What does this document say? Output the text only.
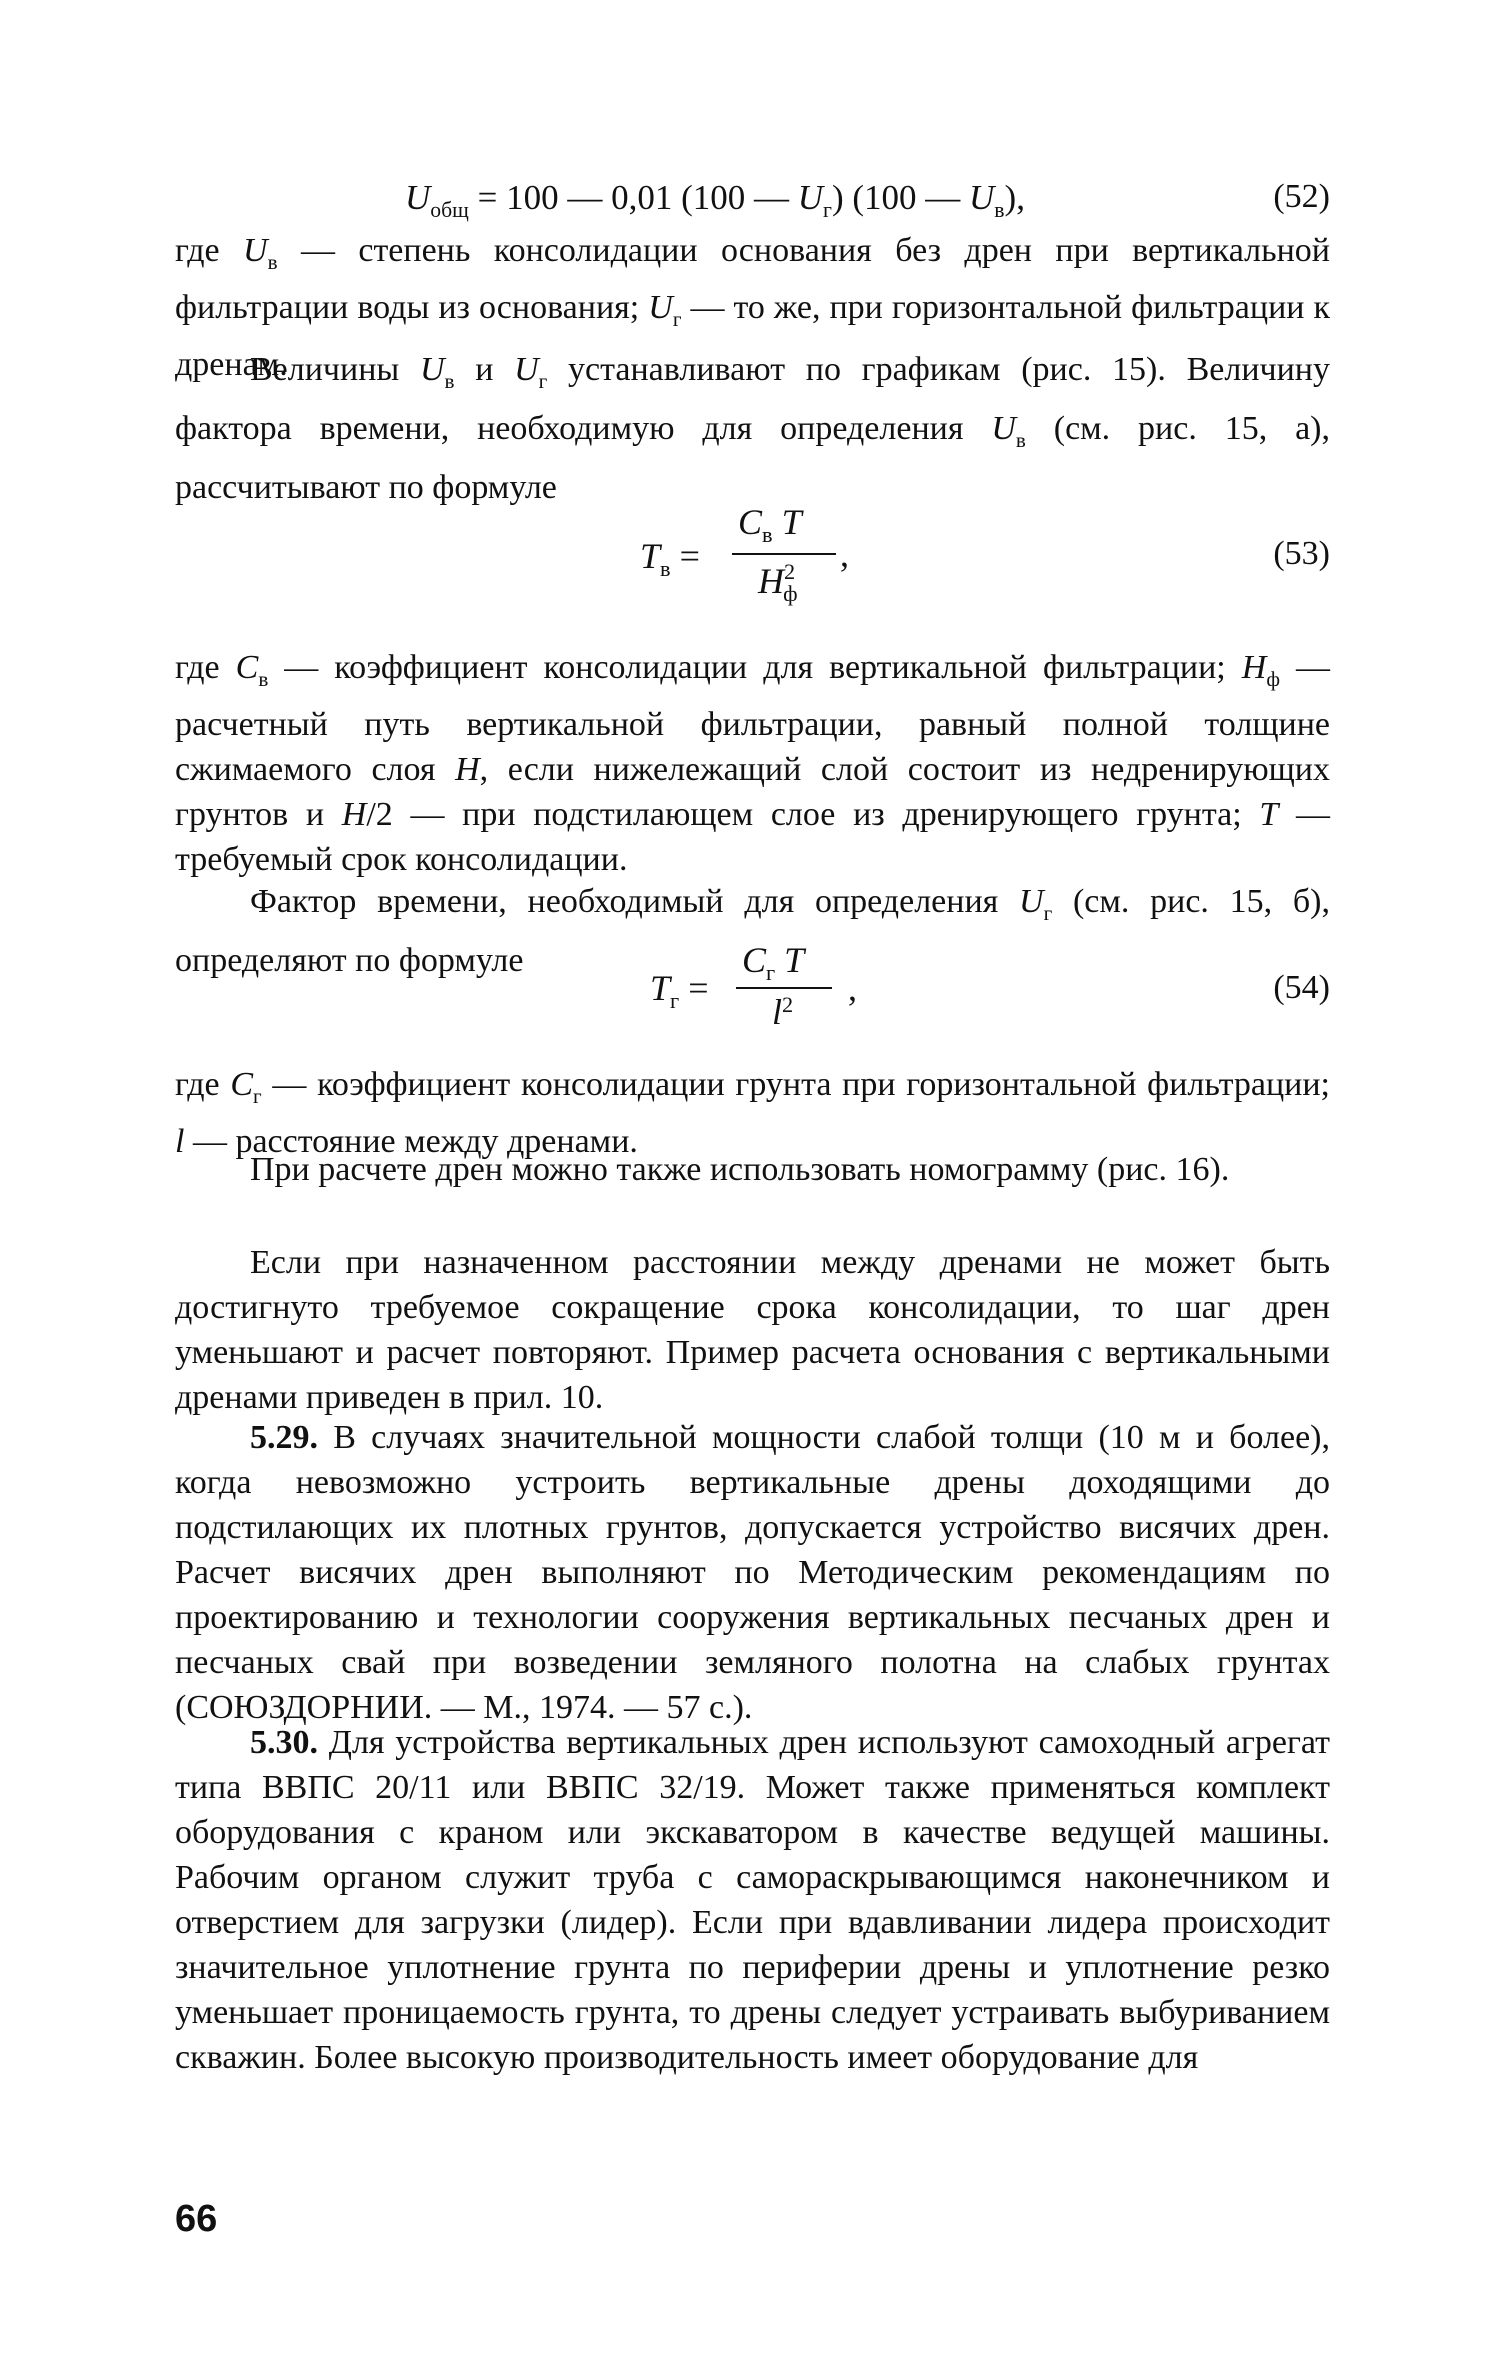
$U_{общ} = 100$ — 0,01 (100 — $U_г$) (100 — $U_в$),	(52)

где $U_в$ — степень консолидации основания без дрен при вертикальной фильтрации воды из основания; $U_г$ — то же, при горизонтальной фильтрации к дренам.

Величины $U_в$ и $U_г$ устанавливают по графикам (рис. 15). Величину фактора времени, необходимую для определения $U_в$ (см. рис. 15, а), рассчитывают по формуле

$T_в$ =
$C_в$ T
$H^2_ф$
,	(53)

где $C_в$ — коэффициент консолидации для вертикальной фильтрации; $H_ф$ — расчетный путь вертикальной фильтрации, равный полной толщине сжимаемого слоя H, если нижележащий слой состоит из недренирующих грунтов и H/2 — при подстилающем слое из дренирующего грунта; T — требуемый срок консолидации.

Фактор времени, необходимый для определения $U_г$ (см. рис. 15, б), определяют по формуле

$T_г$ =
$C_г$ T
$l^2$ ,	(54)

где $C_г$ — коэффициент консолидации грунта при горизонтальной фильтрации; l — расстояние между дренами.

При расчете дрен можно также использовать номограмму (рис. 16).

Если при назначенном расстоянии между дренами не может быть достигнуто требуемое сокращение срока консолидации, то шаг дрен уменьшают и расчет повторяют. Пример расчета основания с вертикальными дренами приведен в прил. 10.

5.29. В случаях значительной мощности слабой толщи (10 м и более), когда невозможно устроить вертикальные дрены доходящими до подстилающих их плотных грунтов, допускается устройство висячих дрен. Расчет висячих дрен выполняют по Методическим рекомендациям по проектированию и технологии сооружения вертикальных песчаных дрен и песчаных свай при возведении земляного полотна на слабых грунтах (СОЮЗДОРНИИ. — М., 1974. — 57 с.).

5.30. Для устройства вертикальных дрен используют самоходный агрегат типа ВВПС 20/11 или ВВПС 32/19. Может также применяться комплект оборудования с краном или экскаватором в качестве ведущей машины. Рабочим органом служит труба с самораскрывающимся наконечником и отверстием для загрузки (лидер). Если при вдавливании лидера происходит значительное уплотнение грунта по периферии дрены и уплотнение резко уменьшает проницаемость грунта, то дрены следует устраивать выбуриванием скважин. Более высокую производительность имеет оборудование для

66
